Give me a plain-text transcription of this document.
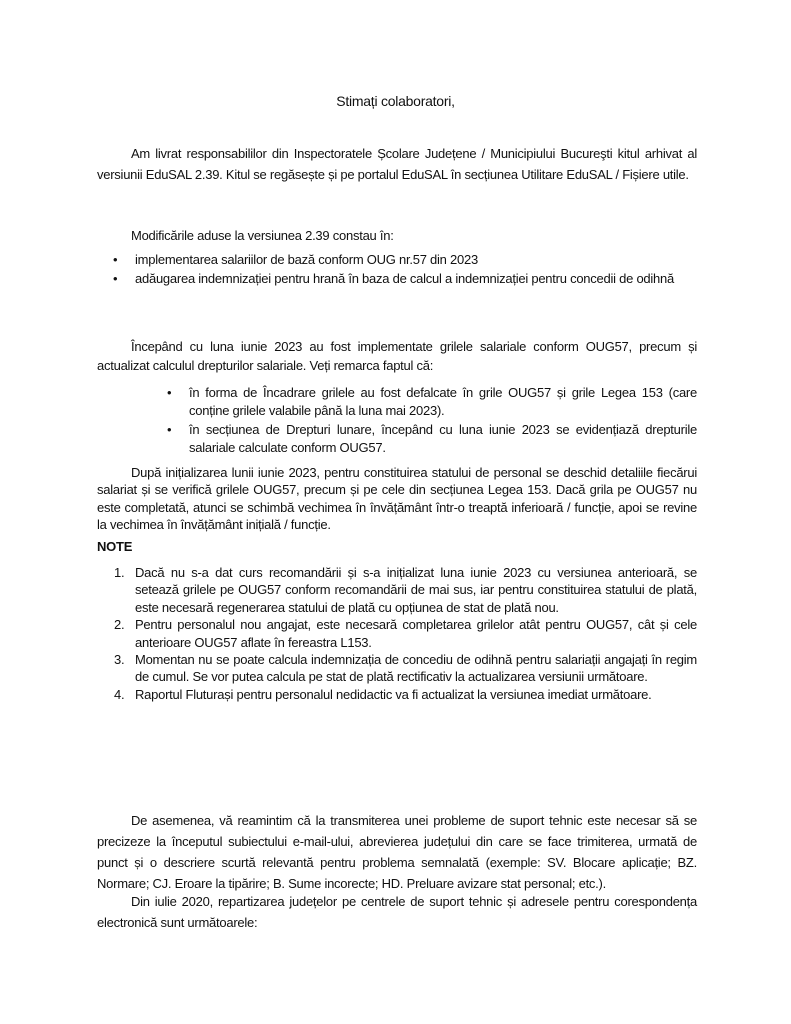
Stimați colaboratori,

Am livrat responsabililor din Inspectoratele Școlare Județene / Municipiului Bucureşti kitul arhivat al versiunii EduSAL 2.39. Kitul se regăsește și pe portalul EduSAL în secțiunea Utilitare EduSAL / Fișiere utile.

Modificările aduse la versiunea 2.39 constau în:

• implementarea salariilor de bază conform OUG nr.57 din 2023
• adăugarea indemnizației pentru hrană în baza de calcul a indemnizației pentru concedii de odihnă

Începând cu luna iunie 2023 au fost implementate grilele salariale conform OUG57, precum și actualizat calculul drepturilor salariale. Veți remarca faptul că:

• în forma de Încadrare grilele au fost defalcate în grile OUG57 și grile Legea 153 (care conține grilele valabile până la luna mai 2023).
• în secțiunea de Drepturi lunare, începând cu luna iunie 2023 se evidențiază drepturile salariale calculate conform OUG57.

După inițializarea lunii iunie 2023, pentru constituirea statului de personal se deschid detaliile fiecărui salariat și se verifică grilele OUG57, precum și pe cele din secțiunea Legea 153. Dacă grila pe OUG57 nu este completată, atunci se schimbă vechimea în învățământ într-o treaptă inferioară / funcție, apoi se revine la vechimea în învățământ inițială / funcție.

NOTE

1. Dacă nu s-a dat curs recomandării și s-a inițializat luna iunie 2023 cu versiunea anterioară, se setează grilele pe OUG57 conform recomandării de mai sus, iar pentru constituirea statului de plată, este necesară regenerarea statului de plată cu opțiunea de stat de plată nou.
2. Pentru personalul nou angajat, este necesară completarea grilelor atât pentru OUG57, cât și cele anterioare OUG57 aflate în fereastra L153.
3. Momentan nu se poate calcula indemnizația de concediu de odihnă pentru salariații angajați în regim de cumul. Se vor putea calcula pe stat de plată rectificativ la actualizarea versiunii următoare.
4. Raportul Fluturași pentru personalul nedidactic va fi actualizat la versiunea imediat următoare.

De asemenea, vă reamintim că la transmiterea unei probleme de suport tehnic este necesar să se precizeze la începutul subiectului e-mail-ului, abrevierea județului din care se face trimiterea, urmată de punct și o descriere scurtă relevantă pentru problema semnalată (exemple: SV. Blocare aplicație; BZ. Normare; CJ. Eroare la tipărire; B. Sume incorecte; HD. Preluare avizare stat personal; etc.).

Din iulie 2020, repartizarea județelor pe centrele de suport tehnic și adresele pentru corespondența electronică sunt următoarele:
